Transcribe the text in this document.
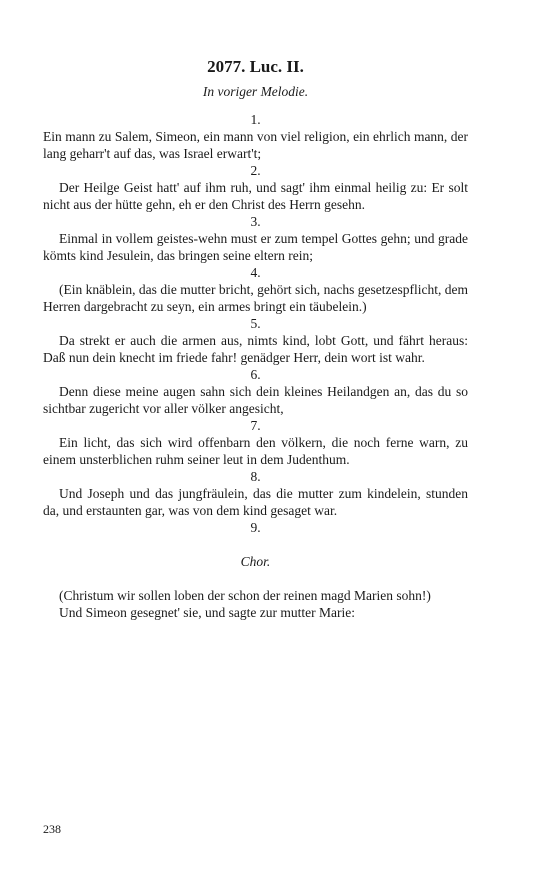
2077. Luc. II.

In voriger Melodie.

1.

Ein mann zu Salem, Simeon, ein mann von viel religion, ein ehrlich mann, der lang geharr't auf das, was Israel erwart't;

2.

Der Heilge Geist hatt' auf ihm ruh, und sagt' ihm einmal heilig zu: Er solt nicht aus der hütte gehn, eh er den Christ des Herrn gesehn.

3.

Einmal in vollem geistes-wehn must er zum tempel Gottes gehn; und grade kömts kind Jesulein, das bringen seine eltern rein;

4.

(Ein knäblein, das die mutter bricht, gehört sich, nachs gesetzespflicht, dem Herren dargebracht zu seyn, ein armes bringt ein täubelein.)

5.

Da strekt er auch die armen aus, nimts kind, lobt Gott, und fährt heraus: Daß nun dein knecht im friede fahr! genädger Herr, dein wort ist wahr.

6.

Denn diese meine augen sahn sich dein kleines Heilandgen an, das du so sichtbar zugericht vor aller völker angesicht,

7.

Ein licht, das sich wird offenbarn den völkern, die noch ferne warn, zu einem unsterblichen ruhm seiner leut in dem Judenthum.

8.

Und Joseph und das jungfräulein, das die mutter zum kindelein, stunden da, und erstaunten gar, was von dem kind gesaget war.

9.

Chor.

(Christum wir sollen loben der schon der reinen magd Marien sohn!)

Und Simeon gesegnet' sie, und sagte zur mutter Marie:

238
